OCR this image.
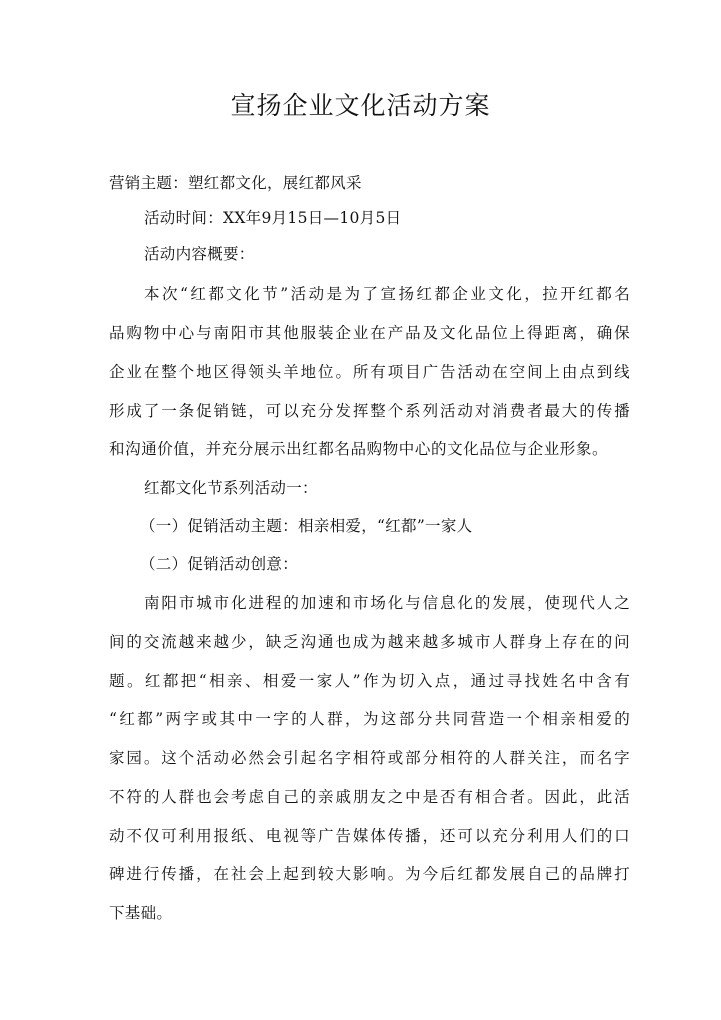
宣扬企业文化活动方案
营销主题：塑红都文化，展红都风采
活动时间：XX年9月15日—10月5日
活动内容概要：
本次“红都文化节”活动是为了宣扬红都企业文化，拉开红都名
品购物中心与南阳市其他服装企业在产品及文化品位上得距离，确保
企业在整个地区得领头羊地位。所有项目广告活动在空间上由点到线
形成了一条促销链，可以充分发挥整个系列活动对消费者最大的传播
和沟通价值，并充分展示出红都名品购物中心的文化品位与企业形象。
红都文化节系列活动一：
（一）促销活动主题：相亲相爱，“红都”一家人
（二）促销活动创意：
南阳市城市化进程的加速和市场化与信息化的发展，使现代人之
间的交流越来越少，缺乏沟通也成为越来越多城市人群身上存在的问
题。红都把“相亲、相爱一家人”作为切入点，通过寻找姓名中含有
“红都”两字或其中一字的人群，为这部分共同营造一个相亲相爱的
家园。这个活动必然会引起名字相符或部分相符的人群关注，而名字
不符的人群也会考虑自己的亲戚朋友之中是否有相合者。因此，此活
动不仅可利用报纸、电视等广告媒体传播，还可以充分利用人们的口
碑进行传播，在社会上起到较大影响。为今后红都发展自己的品牌打
下基础。
